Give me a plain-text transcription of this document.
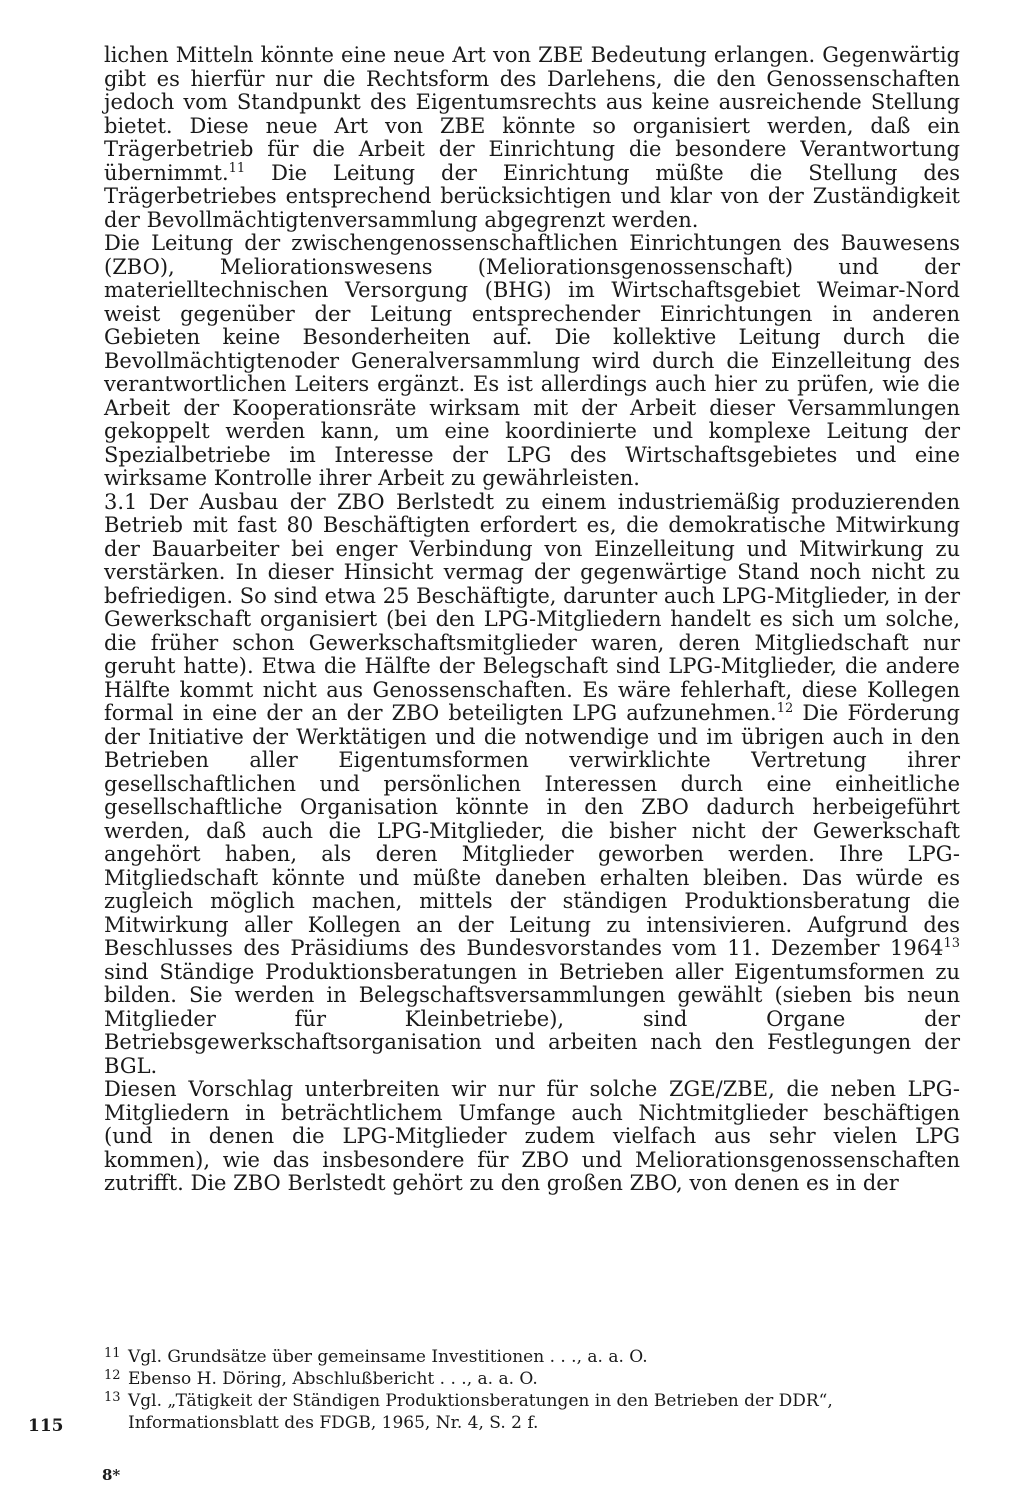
lichen Mitteln könnte eine neue Art von ZBE Bedeutung erlangen. Gegenwärtig gibt es hierfür nur die Rechtsform des Darlehens, die den Genossenschaften jedoch vom Standpunkt des Eigentumsrechts aus keine ausreichende Stellung bietet. Diese neue Art von ZBE könnte so organisiert werden, daß ein Trägerbetrieb für die Arbeit der Einrichtung die besondere Verantwortung übernimmt.$^{11}$ Die Leitung der Einrichtung müßte die Stellung des Trägerbetriebes entsprechend berücksichtigen und klar von der Zuständigkeit der Bevollmächtigtenversammlung abgegrenzt werden.

Die Leitung der zwischengenossenschaftlichen Einrichtungen des Bauwesens (ZBO), Meliorationswesens (Meliorationsgenossenschaft) und der materielltechnischen Versorgung (BHG) im Wirtschaftsgebiet Weimar-Nord weist gegenüber der Leitung entsprechender Einrichtungen in anderen Gebieten keine Besonderheiten auf. Die kollektive Leitung durch die Bevollmächtigtenoder Generalversammlung wird durch die Einzelleitung des verantwortlichen Leiters ergänzt. Es ist allerdings auch hier zu prüfen, wie die Arbeit der Kooperationsräte wirksam mit der Arbeit dieser Versammlungen gekoppelt werden kann, um eine koordinierte und komplexe Leitung der Spezialbetriebe im Interesse der LPG des Wirtschaftsgebietes und eine wirksame Kontrolle ihrer Arbeit zu gewährleisten.

3.1 Der Ausbau der ZBO Berlstedt zu einem industriemäßig produzierenden Betrieb mit fast 80 Beschäftigten erfordert es, die demokratische Mitwirkung der Bauarbeiter bei enger Verbindung von Einzelleitung und Mitwirkung zu verstärken. In dieser Hinsicht vermag der gegenwärtige Stand noch nicht zu befriedigen. So sind etwa 25 Beschäftigte, darunter auch LPG-Mitglieder, in der Gewerkschaft organisiert (bei den LPG-Mitgliedern handelt es sich um solche, die früher schon Gewerkschaftsmitglieder waren, deren Mitgliedschaft nur geruht hatte). Etwa die Hälfte der Belegschaft sind LPG-Mitglieder, die andere Hälfte kommt nicht aus Genossenschaften. Es wäre fehlerhaft, diese Kollegen formal in eine der an der ZBO beteiligten LPG aufzunehmen.$^{12}$ Die Förderung der Initiative der Werktätigen und die notwendige und im übrigen auch in den Betrieben aller Eigentumsformen verwirklichte Vertretung ihrer gesellschaftlichen und persönlichen Interessen durch eine einheitliche gesellschaftliche Organisation könnte in den ZBO dadurch herbeigeführt werden, daß auch die LPG-Mitglieder, die bisher nicht der Gewerkschaft angehört haben, als deren Mitglieder geworben werden. Ihre LPG-Mitgliedschaft könnte und müßte daneben erhalten bleiben. Das würde es zugleich möglich machen, mittels der ständigen Produktionsberatung die Mitwirkung aller Kollegen an der Leitung zu intensivieren. Aufgrund des Beschlusses des Präsidiums des Bundesvorstandes vom 11. Dezember 1964$^{13}$ sind Ständige Produktionsberatungen in Betrieben aller Eigentumsformen zu bilden. Sie werden in Belegschaftsversammlungen gewählt (sieben bis neun Mitglieder für Kleinbetriebe), sind Organe der Betriebsgewerkschaftsorganisation und arbeiten nach den Festlegungen der BGL.

Diesen Vorschlag unterbreiten wir nur für solche ZGE/ZBE, die neben LPG-Mitgliedern in beträchtlichem Umfange auch Nichtmitglieder beschäftigen (und in denen die LPG-Mitglieder zudem vielfach aus sehr vielen LPG kommen), wie das insbesondere für ZBO und Meliorationsgenossenschaften zutrifft. Die ZBO Berlstedt gehört zu den großen ZBO, von denen es in der

11 Vgl. Grundsätze über gemeinsame Investitionen . . ., a. a. O.
12 Ebenso H. Döring, Abschlußbericht . . ., a. a. O.
13 Vgl. „Tätigkeit der Ständigen Produktionsberatungen in den Betrieben der DDR“, Informationsblatt des FDGB, 1965, Nr. 4, S. 2 f.
115
8*
